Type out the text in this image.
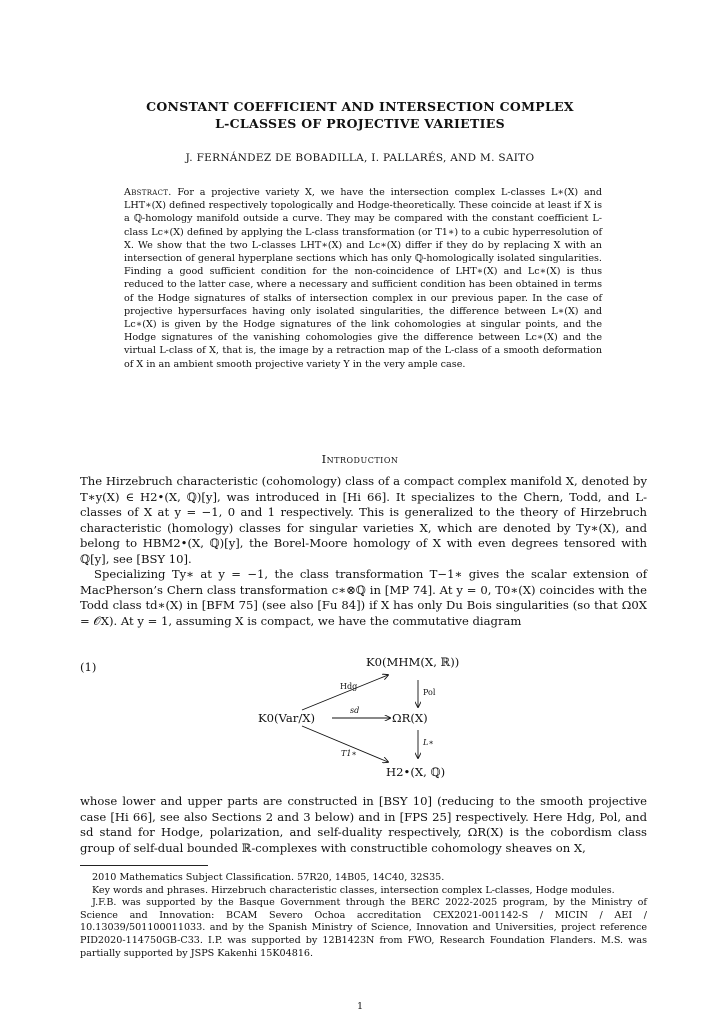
CONSTANT COEFFICIENT AND INTERSECTION COMPLEX
L-CLASSES OF PROJECTIVE VARIETIES
J. FERNÁNDEZ DE BOBADILLA, I. PALLARÉS, AND M. SAITO
Abstract. For a projective variety X, we have the intersection complex L-classes L∗(X) and LHT∗(X) defined respectively topologically and Hodge-theoretically. These coincide at least if X is a ℚ-homology manifold outside a curve. They may be compared with the constant coefficient L-class Lc∗(X) defined by applying the L-class transformation (or T1∗) to a cubic hyperresolution of X. We show that the two L-classes LHT∗(X) and Lc∗(X) differ if they do by replacing X with an intersection of general hyperplane sections which has only ℚ-homologically isolated singularities. Finding a good sufficient condition for the non-coincidence of LHT∗(X) and Lc∗(X) is thus reduced to the latter case, where a necessary and sufficient condition has been obtained in terms of the Hodge signatures of stalks of intersection complex in our previous paper. In the case of projective hypersurfaces having only isolated singularities, the difference between L∗(X) and Lc∗(X) is given by the Hodge signatures of the link cohomologies at singular points, and the Hodge signatures of the vanishing cohomologies give the difference between Lc∗(X) and the virtual L-class of X, that is, the image by a retraction map of the L-class of a smooth deformation of X in an ambient smooth projective variety Y in the very ample case.
Introduction

The Hirzebruch characteristic (cohomology) class of a compact complex manifold X, denoted by T∗y(X) ∈ H2•(X, ℚ)[y], was introduced in [Hi 66]. It specializes to the Chern, Todd, and L-classes of X at y = −1, 0 and 1 respectively. This is generalized to the theory of Hirzebruch characteristic (homology) classes for singular varieties X, which are denoted by Ty∗(X), and belong to HBM2•(X, ℚ)[y], the Borel-Moore homology of X with even degrees tensored with ℚ[y], see [BSY 10].

Specializing Ty∗ at y = −1, the class transformation T−1∗ gives the scalar extension of MacPherson’s Chern class transformation c∗⊗ℚ in [MP 74]. At y = 0, T0∗(X) coincides with the Todd class td∗(X) in [BFM 75] (see also [Fu 84]) if X has only Du Bois singularities (so that Ω0X = 𝒪X). At y = 1, assuming X is compact, we have the commutative diagram

(1)	K0(MHM(X, ℝ))
K0(Var/X)	ΩR(X)
H2•(X, ℚ)
Hdg
sd
Pol
L∗
T1∗

whose lower and upper parts are constructed in [BSY 10] (reducing to the smooth projective case [Hi 66], see also Sections 2 and 3 below) and in [FPS 25] respectively. Here Hdg, Pol, and sd stand for Hodge, polarization, and self-duality respectively, ΩR(X) is the cobordism class group of self-dual bounded ℝ-complexes with constructible cohomology sheaves on X,

2010 Mathematics Subject Classification. 57R20, 14B05, 14C40, 32S35.

Key words and phrases. Hirzebruch characteristic classes, intersection complex L-classes, Hodge modules.

J.F.B. was supported by the Basque Government through the BERC 2022-2025 program, by the Ministry of Science and Innovation: BCAM Severo Ochoa accreditation CEX2021-001142-S / MICIN / AEI / 10.13039/501100011033. and by the Spanish Ministry of Science, Innovation and Universities, project reference PID2020-114750GB-C33. I.P. was supported by 12B1423N from FWO, Research Foundation Flanders. M.S. was partially supported by JSPS Kakenhi 15K04816.

1
